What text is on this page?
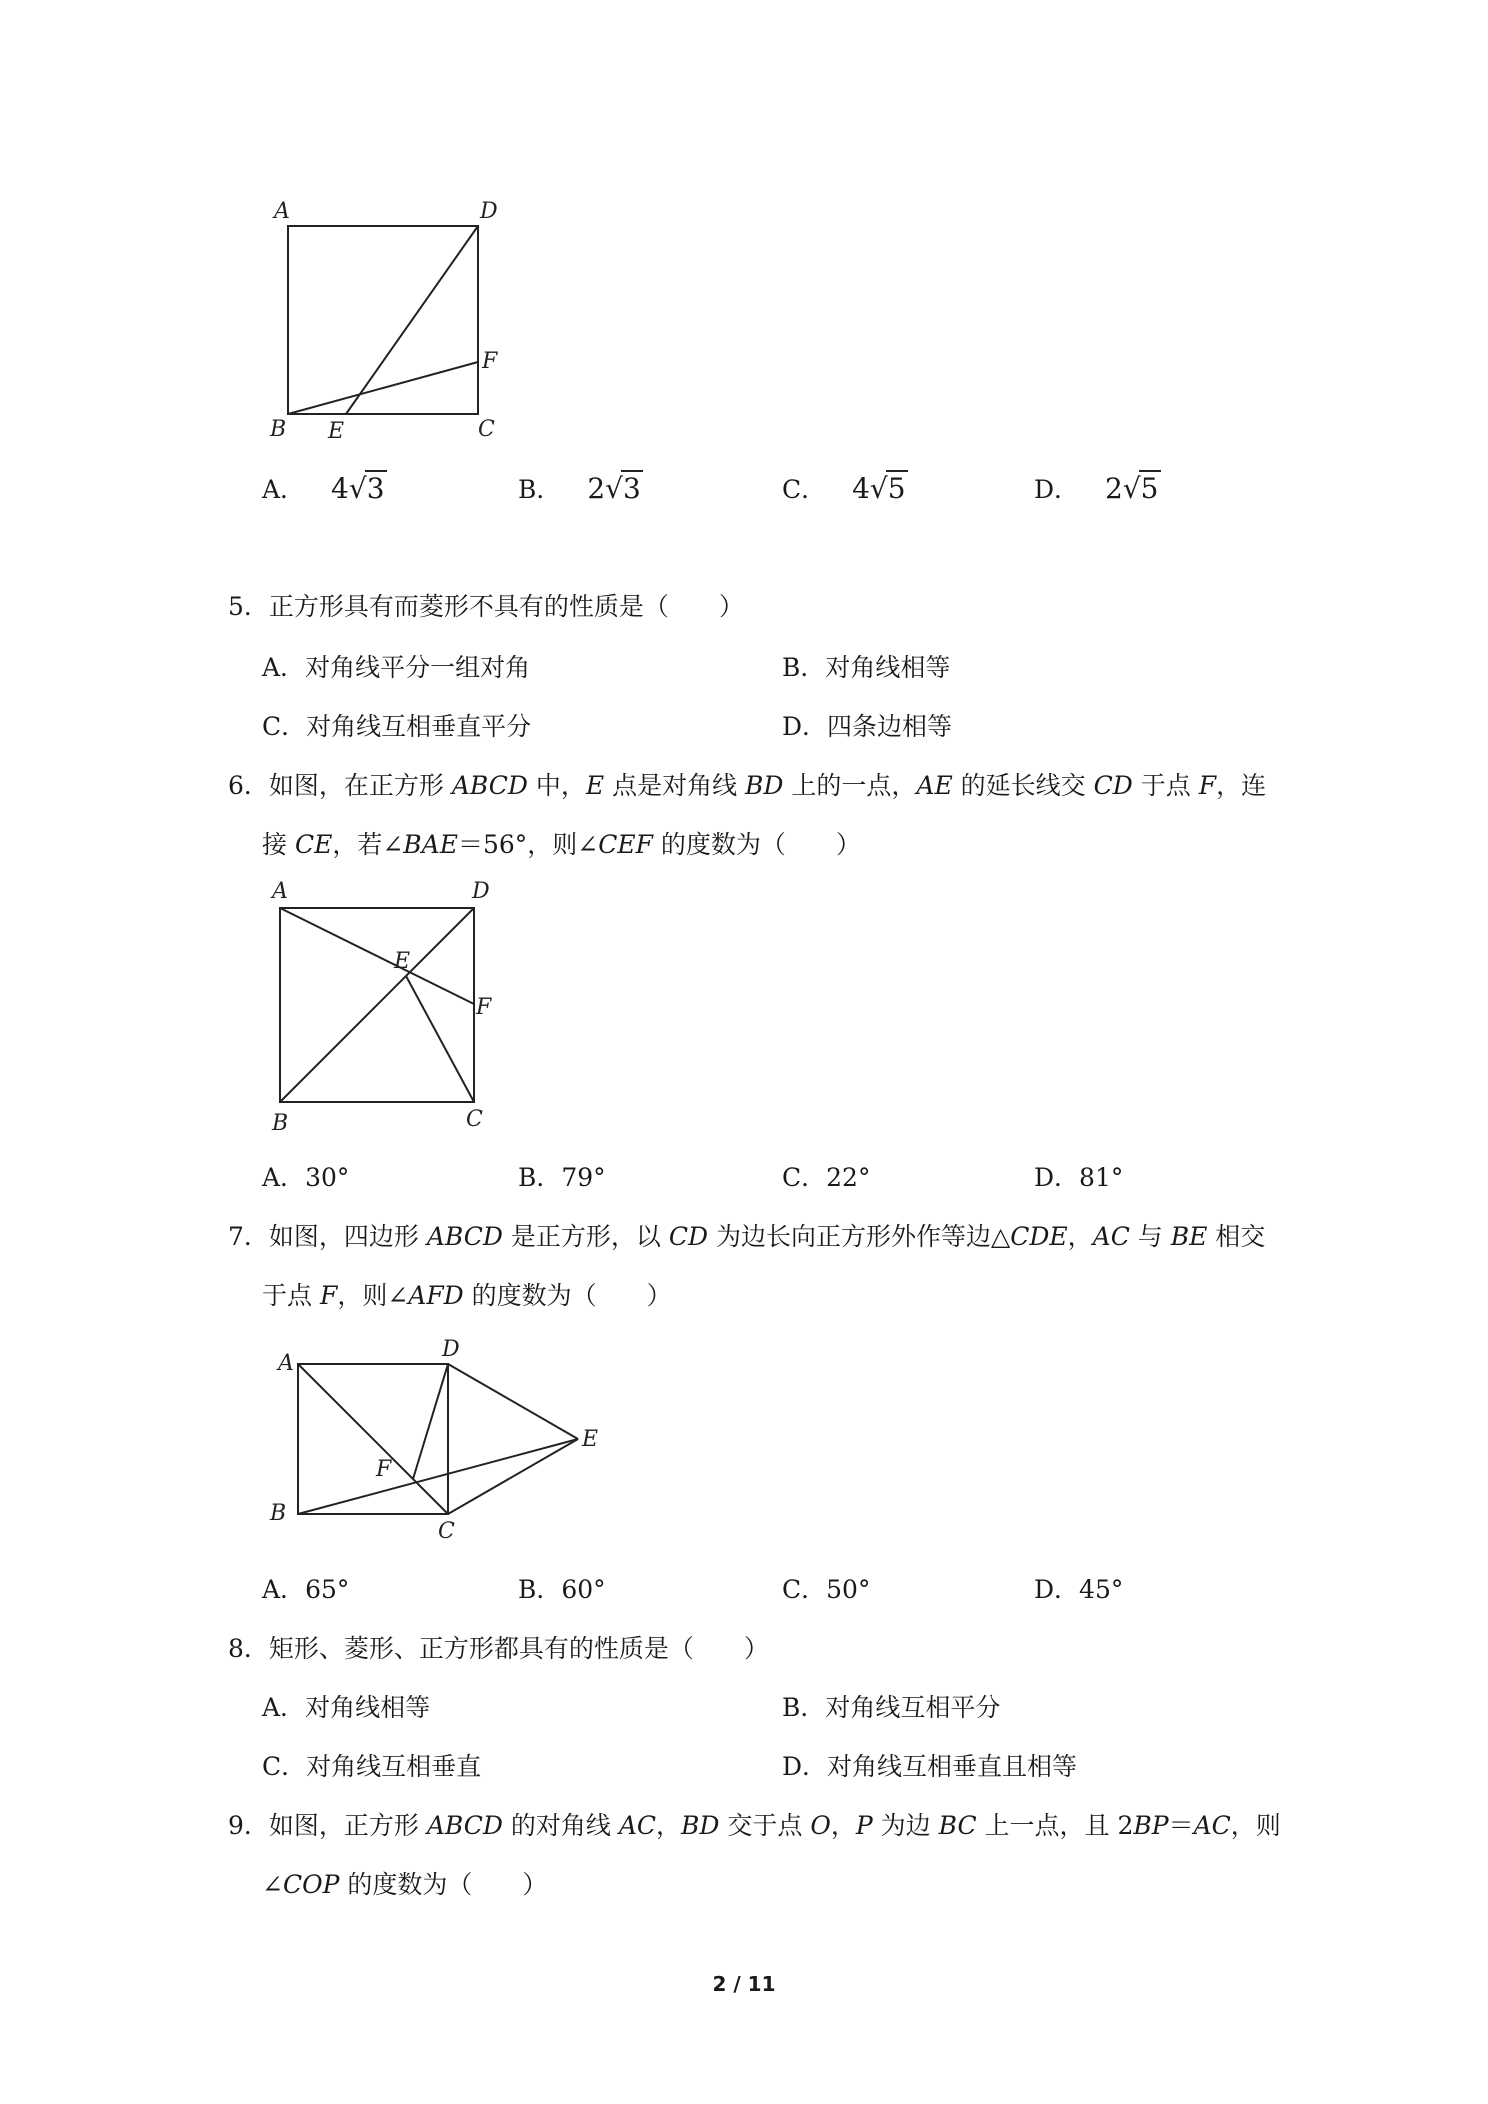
A	D
F
B E	C
A． 4√3	B． 2√3	C． 4√5	D． 2√5
5．正方形具有而菱形不具有的性质是（　　）
A．对角线平分一组对角	B．对角线相等
C．对角线互相垂直平分	D．四条边相等
6．如图，在正方形 ABCD 中，E 点是对角线 BD 上的一点，AE 的延长线交 CD 于点 F，连
接 CE，若∠BAE＝56°，则∠CEF 的度数为（　　）
A	D
E
F
B	C
A．30°	B．79°	C．22°	D．81°
7．如图，四边形 ABCD 是正方形，以 CD 为边长向正方形外作等边△CDE，AC 与 BE 相交
于点 F，则∠AFD 的度数为（　　）
A
D
E
F
B
C
A．65°	B．60°	C．50°	D．45°
8．矩形、菱形、正方形都具有的性质是（　　）
A．对角线相等	B．对角线互相平分
C．对角线互相垂直	D．对角线互相垂直且相等
9．如图，正方形 ABCD 的对角线 AC，BD 交于点 O，P 为边 BC 上一点，且 2BP＝AC，则
∠COP 的度数为（　　）
2 / 11
